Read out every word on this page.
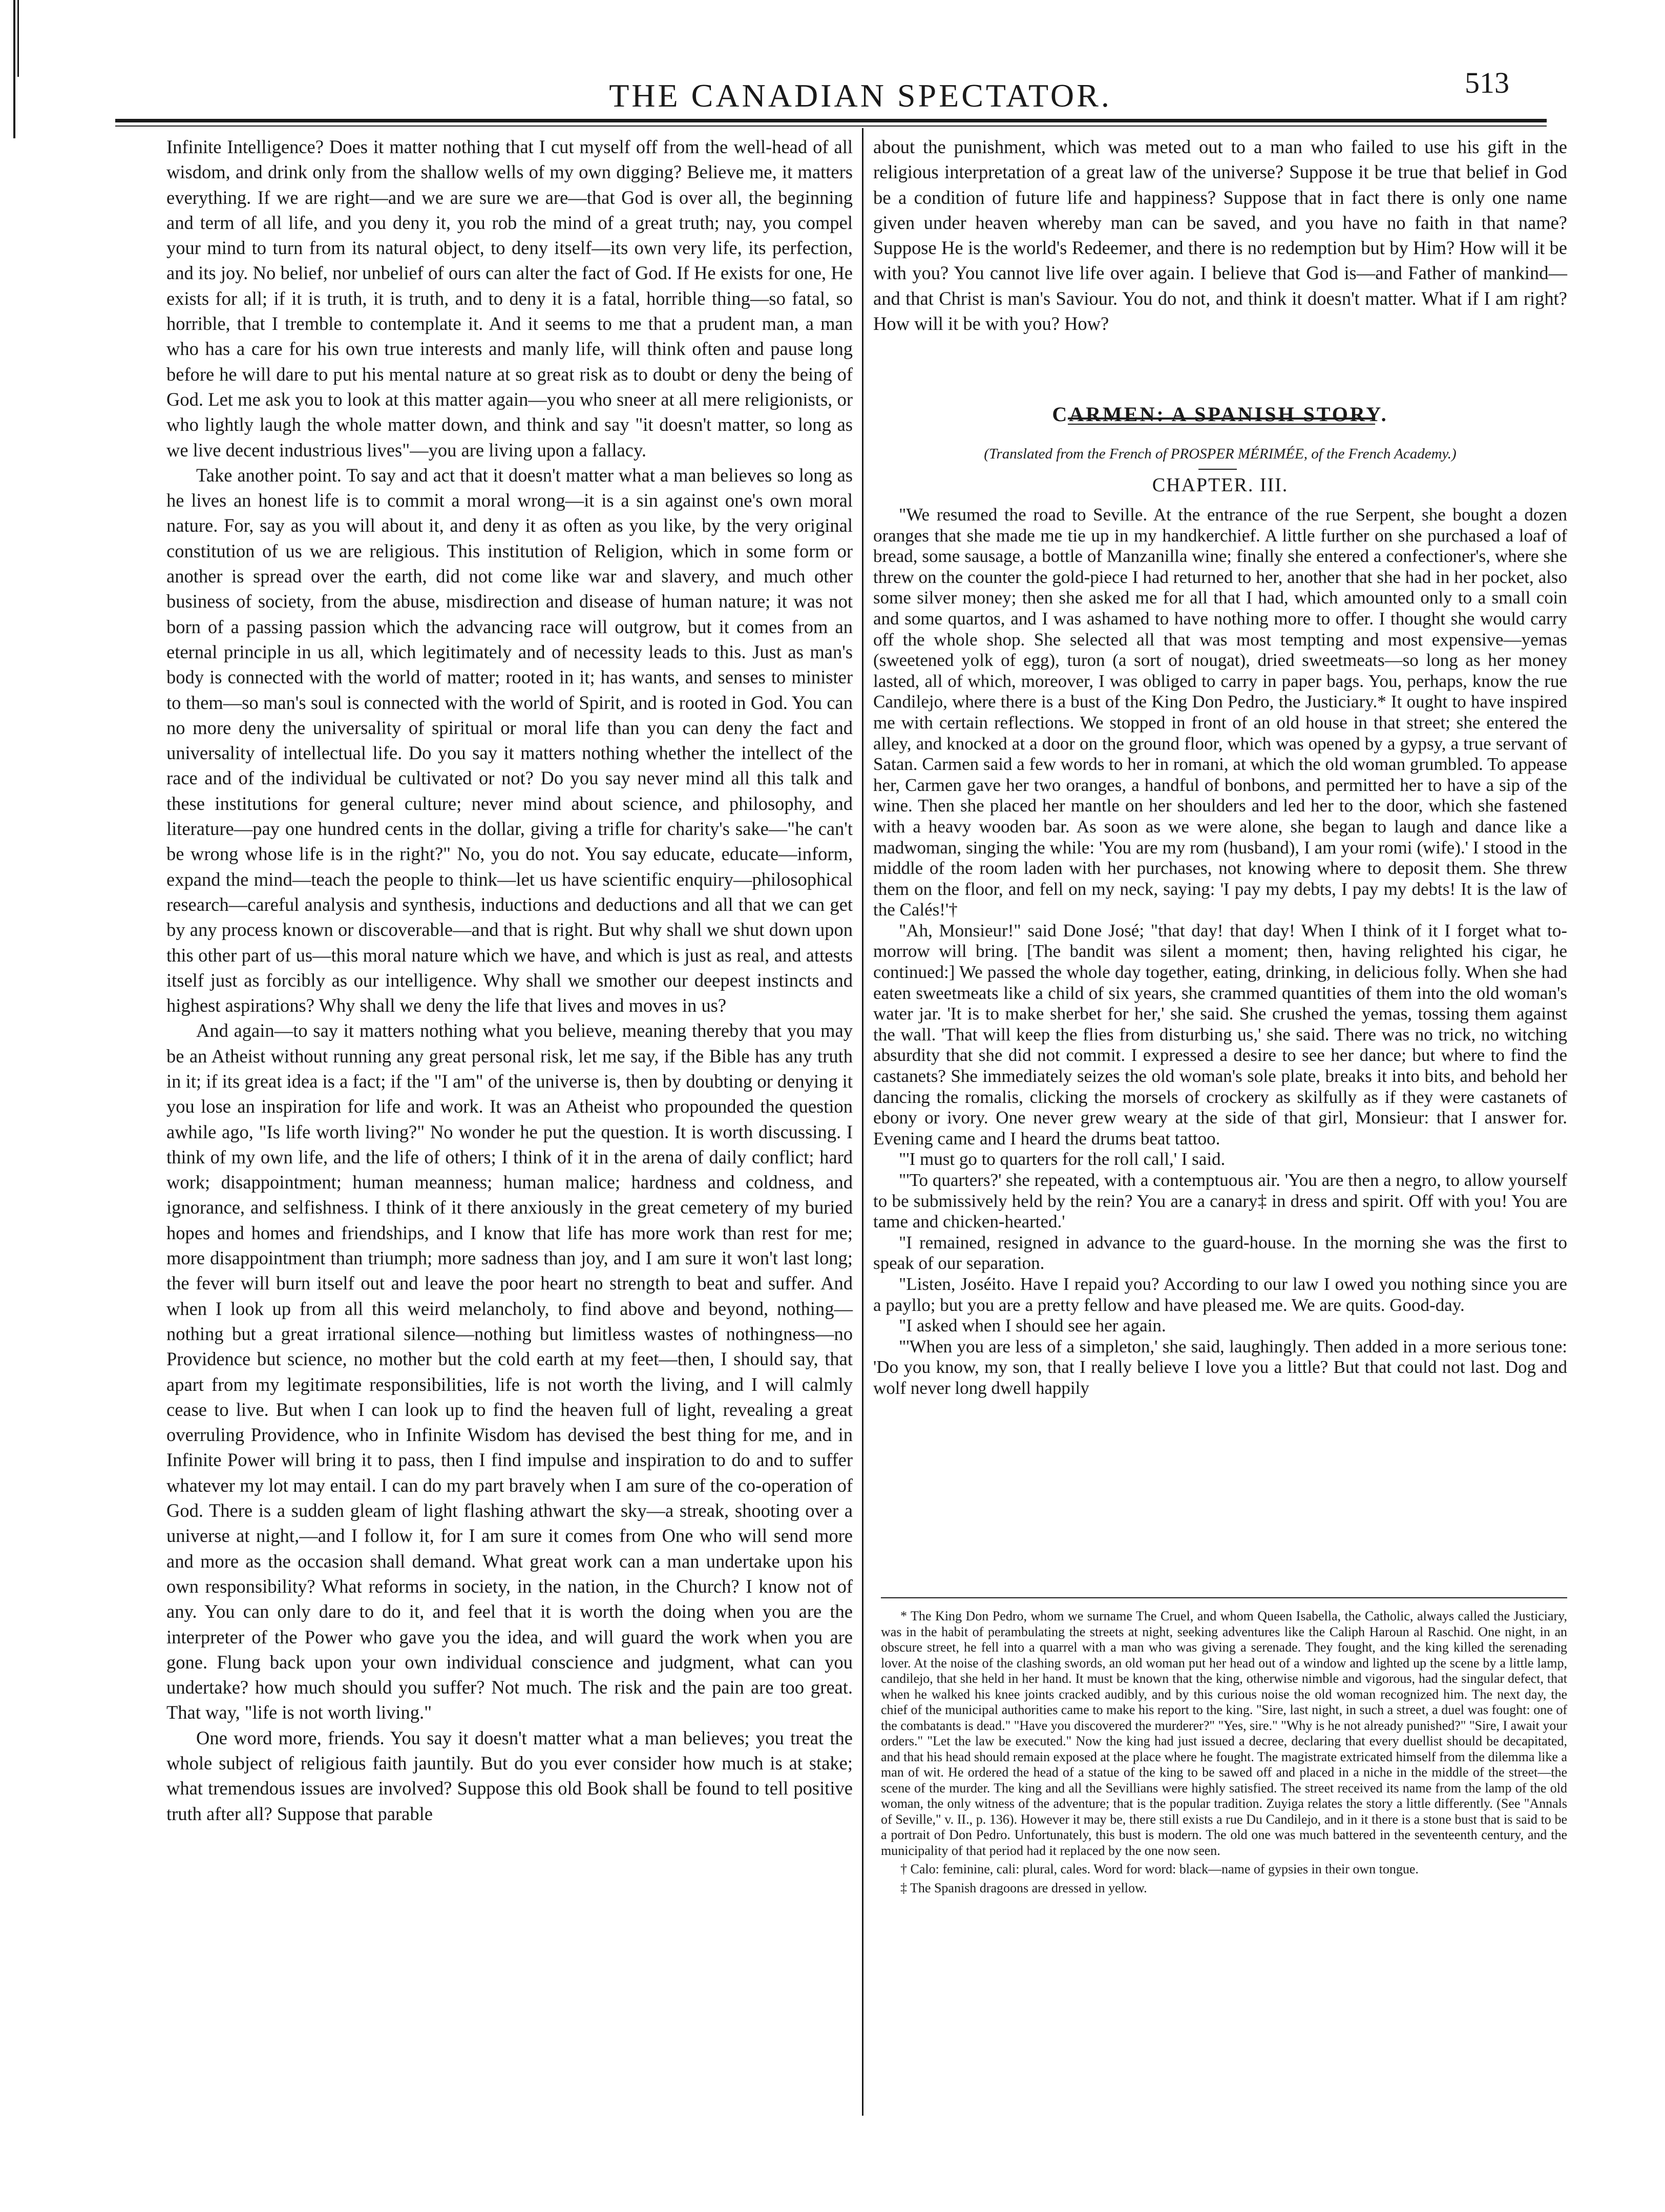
THE CANADIAN SPECTATOR.	513

Infinite Intelligence? Does it matter nothing that I cut myself off from the well-head of all wisdom, and drink only from the shallow wells of my own digging? Believe me, it matters everything. If we are right—and we are sure we are—that God is over all, the beginning and term of all life, and you deny it, you rob the mind of a great truth; nay, you compel your mind to turn from its natural object, to deny itself—its own very life, its perfection, and its joy. No belief, nor unbelief of ours can alter the fact of God. If He exists for one, He exists for all; if it is truth, it is truth, and to deny it is a fatal, horrible thing—so fatal, so horrible, that I tremble to contemplate it. And it seems to me that a prudent man, a man who has a care for his own true interests and manly life, will think often and pause long before he will dare to put his mental nature at so great risk as to doubt or deny the being of God. Let me ask you to look at this matter again—you who sneer at all mere religionists, or who lightly laugh the whole matter down, and think and say "it doesn't matter, so long as we live decent industrious lives"—you are living upon a fallacy.

Take another point. To say and act that it doesn't matter what a man believes so long as he lives an honest life is to commit a moral wrong—it is a sin against one's own moral nature. For, say as you will about it, and deny it as often as you like, by the very original constitution of us we are religious. This institution of Religion, which in some form or another is spread over the earth, did not come like war and slavery, and much other business of society, from the abuse, misdirection and disease of human nature; it was not born of a passing passion which the advancing race will outgrow, but it comes from an eternal principle in us all, which legitimately and of necessity leads to this. Just as man's body is connected with the world of matter; rooted in it; has wants, and senses to minister to them—so man's soul is connected with the world of Spirit, and is rooted in God. You can no more deny the universality of spiritual or moral life than you can deny the fact and universality of intellectual life. Do you say it matters nothing whether the intellect of the race and of the individual be cultivated or not? Do you say never mind all this talk and these institutions for general culture; never mind about science, and philosophy, and literature—pay one hundred cents in the dollar, giving a trifle for charity's sake—"he can't be wrong whose life is in the right?" No, you do not. You say educate, educate—inform, expand the mind—teach the people to think—let us have scientific enquiry—philosophical research—careful analysis and synthesis, inductions and deductions and all that we can get by any process known or discoverable—and that is right. But why shall we shut down upon this other part of us—this moral nature which we have, and which is just as real, and attests itself just as forcibly as our intelligence. Why shall we smother our deepest instincts and highest aspirations? Why shall we deny the life that lives and moves in us?

And again—to say it matters nothing what you believe, meaning thereby that you may be an Atheist without running any great personal risk, let me say, if the Bible has any truth in it; if its great idea is a fact; if the "I am" of the universe is, then by doubting or denying it you lose an inspiration for life and work. It was an Atheist who propounded the question awhile ago, "Is life worth living?" No wonder he put the question. It is worth discussing. I think of my own life, and the life of others; I think of it in the arena of daily conflict; hard work; disappointment; human meanness; human malice; hardness and coldness, and ignorance, and selfishness. I think of it there anxiously in the great cemetery of my buried hopes and homes and friendships, and I know that life has more work than rest for me; more disappointment than triumph; more sadness than joy, and I am sure it won't last long; the fever will burn itself out and leave the poor heart no strength to beat and suffer. And when I look up from all this weird melancholy, to find above and beyond, nothing—nothing but a great irrational silence—nothing but limitless wastes of nothingness—no Providence but science, no mother but the cold earth at my feet—then, I should say, that apart from my legitimate responsibilities, life is not worth the living, and I will calmly cease to live. But when I can look up to find the heaven full of light, revealing a great overruling Providence, who in Infinite Wisdom has devised the best thing for me, and in Infinite Power will bring it to pass, then I find impulse and inspiration to do and to suffer whatever my lot may entail. I can do my part bravely when I am sure of the co-operation of God. There is a sudden gleam of light flashing athwart the sky—a streak, shooting over a universe at night,—and I follow it, for I am sure it comes from One who will send more and more as the occasion shall demand. What great work can a man undertake upon his own responsibility? What reforms in society, in the nation, in the Church? I know not of any. You can only dare to do it, and feel that it is worth the doing when you are the interpreter of the Power who gave you the idea, and will guard the work when you are gone. Flung back upon your own individual conscience and judgment, what can you undertake? how much should you suffer? Not much. The risk and the pain are too great. That way, "life is not worth living."

One word more, friends. You say it doesn't matter what a man believes; you treat the whole subject of religious faith jauntily. But do you ever consider how much is at stake; what tremendous issues are involved? Suppose this old Book shall be found to tell positive truth after all? Suppose that parable

about the punishment, which was meted out to a man who failed to use his gift in the religious interpretation of a great law of the universe? Suppose it be true that belief in God be a condition of future life and happiness? Suppose that in fact there is only one name given under heaven whereby man can be saved, and you have no faith in that name? Suppose He is the world's Redeemer, and there is no redemption but by Him? How will it be with you? You cannot live life over again. I believe that God is—and Father of mankind—and that Christ is man's Saviour. You do not, and think it doesn't matter. What if I am right? How will it be with you? How?

CARMEN: A SPANISH STORY.
(Translated from the French of PROSPER MÉRIMÉE, of the French Academy.)
CHAPTER. III.

"We resumed the road to Seville. At the entrance of the rue Serpent, she bought a dozen oranges that she made me tie up in my handkerchief. A little further on she purchased a loaf of bread, some sausage, a bottle of Manzanilla wine; finally she entered a confectioner's, where she threw on the counter the gold-piece I had returned to her, another that she had in her pocket, also some silver money; then she asked me for all that I had, which amounted only to a small coin and some quartos, and I was ashamed to have nothing more to offer. I thought she would carry off the whole shop. She selected all that was most tempting and most expensive—yemas (sweetened yolk of egg), turon (a sort of nougat), dried sweetmeats—so long as her money lasted, all of which, moreover, I was obliged to carry in paper bags. You, perhaps, know the rue Candilejo, where there is a bust of the King Don Pedro, the Justiciary.* It ought to have inspired me with certain reflections. We stopped in front of an old house in that street; she entered the alley, and knocked at a door on the ground floor, which was opened by a gypsy, a true servant of Satan. Carmen said a few words to her in romani, at which the old woman grumbled. To appease her, Carmen gave her two oranges, a handful of bonbons, and permitted her to have a sip of the wine. Then she placed her mantle on her shoulders and led her to the door, which she fastened with a heavy wooden bar. As soon as we were alone, she began to laugh and dance like a madwoman, singing the while: 'You are my rom (husband), I am your romi (wife).' I stood in the middle of the room laden with her purchases, not knowing where to deposit them. She threw them on the floor, and fell on my neck, saying: 'I pay my debts, I pay my debts! It is the law of the Calés!'†

"Ah, Monsieur!" said Done José; "that day! that day! When I think of it I forget what to-morrow will bring. [The bandit was silent a moment; then, having relighted his cigar, he continued:] We passed the whole day together, eating, drinking, in delicious folly. When she had eaten sweetmeats like a child of six years, she crammed quantities of them into the old woman's water jar. 'It is to make sherbet for her,' she said. She crushed the yemas, tossing them against the wall. 'That will keep the flies from disturbing us,' she said. There was no trick, no witching absurdity that she did not commit. I expressed a desire to see her dance; but where to find the castanets? She immediately seizes the old woman's sole plate, breaks it into bits, and behold her dancing the romalis, clicking the morsels of crockery as skilfully as if they were castanets of ebony or ivory. One never grew weary at the side of that girl, Monsieur: that I answer for. Evening came and I heard the drums beat tattoo.

"'I must go to quarters for the roll call,' I said.

"'To quarters?' she repeated, with a contemptuous air. 'You are then a negro, to allow yourself to be submissively held by the rein? You are a canary‡ in dress and spirit. Off with you! You are tame and chicken-hearted.'

"I remained, resigned in advance to the guard-house. In the morning she was the first to speak of our separation.

"Listen, Joséito. Have I repaid you? According to our law I owed you nothing since you are a payllo; but you are a pretty fellow and have pleased me. We are quits. Good-day.

"I asked when I should see her again.

"'When you are less of a simpleton,' she said, laughingly. Then added in a more serious tone: 'Do you know, my son, that I really believe I love you a little? But that could not last. Dog and wolf never long dwell happily

* The King Don Pedro, whom we surname The Cruel, and whom Queen Isabella, the Catholic, always called the Justiciary, was in the habit of perambulating the streets at night, seeking adventures like the Caliph Haroun al Raschid. One night, in an obscure street, he fell into a quarrel with a man who was giving a serenade. They fought, and the king killed the serenading lover. At the noise of the clashing swords, an old woman put her head out of a window and lighted up the scene by a little lamp, candilejo, that she held in her hand. It must be known that the king, otherwise nimble and vigorous, had the singular defect, that when he walked his knee joints cracked audibly, and by this curious noise the old woman recognized him. The next day, the chief of the municipal authorities came to make his report to the king. "Sire, last night, in such a street, a duel was fought: one of the combatants is dead." "Have you discovered the murderer?" "Yes, sire." "Why is he not already punished?" "Sire, I await your orders." "Let the law be executed." Now the king had just issued a decree, declaring that every duellist should be decapitated, and that his head should remain exposed at the place where he fought. The magistrate extricated himself from the dilemma like a man of wit. He ordered the head of a statue of the king to be sawed off and placed in a niche in the middle of the street—the scene of the murder. The king and all the Sevillians were highly satisfied. The street received its name from the lamp of the old woman, the only witness of the adventure; that is the popular tradition. Zuyiga relates the story a little differently. (See "Annals of Seville," v. II., p. 136). However it may be, there still exists a rue Du Candilejo, and in it there is a stone bust that is said to be a portrait of Don Pedro. Unfortunately, this bust is modern. The old one was much battered in the seventeenth century, and the municipality of that period had it replaced by the one now seen.

† Calo: feminine, cali: plural, cales. Word for word: black—name of gypsies in their own tongue.

‡ The Spanish dragoons are dressed in yellow.
